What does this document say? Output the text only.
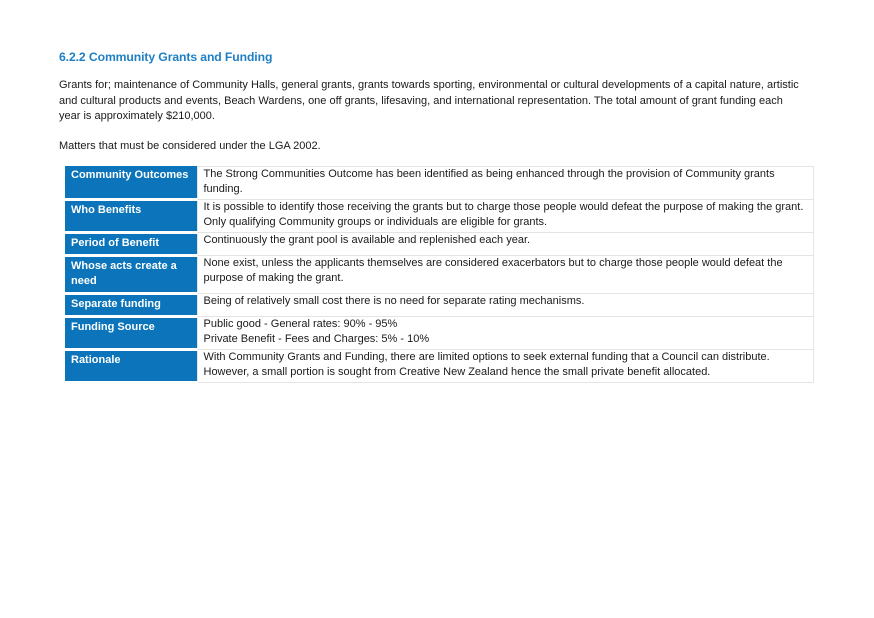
6.2.2 Community Grants and Funding

Grants for; maintenance of Community Halls, general grants, grants towards sporting, environmental or cultural developments of a capital nature, artistic and cultural products and events, Beach Wardens, one off grants, lifesaving, and international representation. The total amount of grant funding each year is approximately $210,000.

Matters that must be considered under the LGA 2002.

Community Outcomes	The Strong Communities Outcome has been identified as being enhanced through the provision of Community grants funding.
Who Benefits	It is possible to identify those receiving the grants but to charge those people would defeat the purpose of making the grant. Only qualifying Community groups or individuals are eligible for grants.
Period of Benefit	Continuously the grant pool is available and replenished each year.
Whose acts create a need	None exist, unless the applicants themselves are considered exacerbators but to charge those people would defeat the purpose of making the grant.
Separate funding	Being of relatively small cost there is no need for separate rating mechanisms.
Funding Source	Public good - General rates: 90% - 95%
Private Benefit - Fees and Charges: 5% - 10%

Rationale	With Community Grants and Funding, there are limited options to seek external funding that a Council can distribute. However, a small portion is sought from Creative New Zealand hence the small private benefit allocated.
